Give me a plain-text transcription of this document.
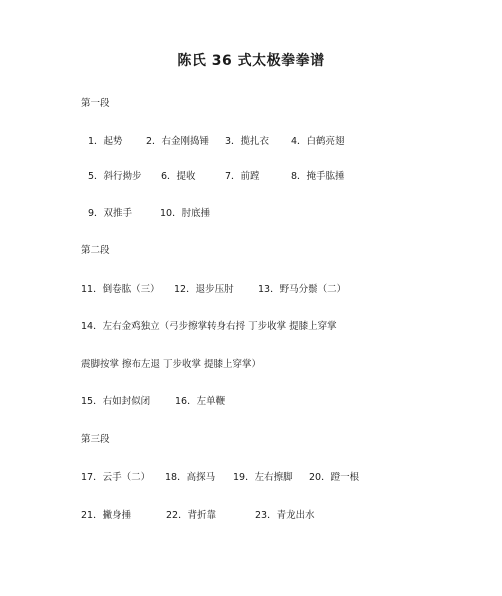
陈氏 36 式太极拳拳谱
第一段
1．起势 2．右金刚捣锤 3．揽扎衣 4．白鹤亮翅
5．斜行拗步 6．提收	7．前蹚	8．掩手肱捶
9．双推手	10．肘底捶
第二段
11．倒卷肱（三） 12．退步压肘	13．野马分鬃（二）
14．左右金鸡独立（弓步擦掌转身右捋 丁步收掌 提膝上穿掌
震脚按掌 擦布左退 丁步收掌 提膝上穿掌）
15．右如封似闭	16．左单鞭
第三段
17．云手（二） 18．高探马 19．左右擦脚 20．蹬一根
21．撇身捶	22．背折靠	23．青龙出水
